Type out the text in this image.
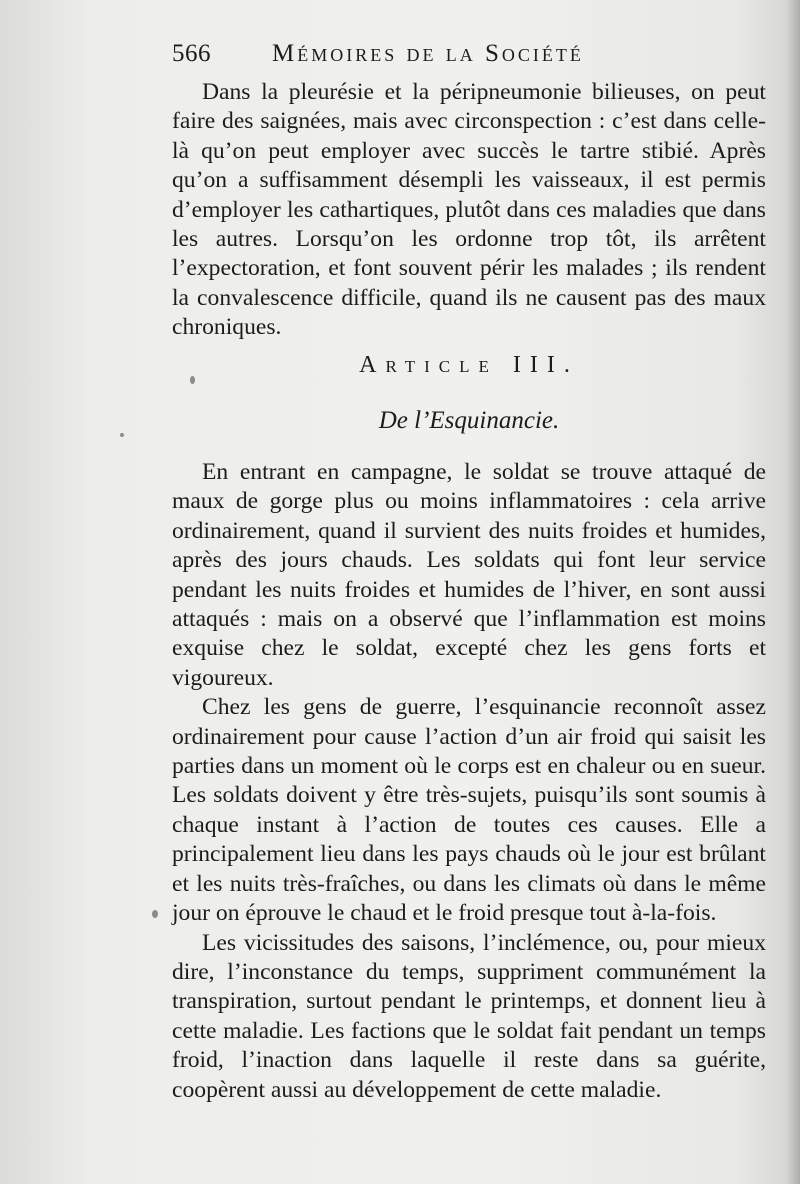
566 Mémoires de la Société

Dans la pleurésie et la péripneumonie bilieuses, on peut faire des saignées, mais avec circonspection : c’est dans celle-là qu’on peut employer avec succès le tartre stibié. Après qu’on a suffisamment désempli les vaisseaux, il est permis d’employer les cathartiques, plutôt dans ces maladies que dans les autres. Lorsqu’on les ordonne trop tôt, ils arrêtent l’expectoration, et font souvent périr les malades ; ils rendent la convalescence difficile, quand ils ne causent pas des maux chroniques.

Article III.
De l’Esquinancie.

En entrant en campagne, le soldat se trouve attaqué de maux de gorge plus ou moins inflammatoires : cela arrive ordinairement, quand il survient des nuits froides et humides, après des jours chauds. Les soldats qui font leur service pendant les nuits froides et humides de l’hiver, en sont aussi attaqués : mais on a observé que l’inflammation est moins exquise chez le soldat, excepté chez les gens forts et vigoureux.

Chez les gens de guerre, l’esquinancie reconnoît assez ordinairement pour cause l’action d’un air froid qui saisit les parties dans un moment où le corps est en chaleur ou en sueur. Les soldats doivent y être très-sujets, puisqu’ils sont soumis à chaque instant à l’action de toutes ces causes. Elle a principalement lieu dans les pays chauds où le jour est brûlant et les nuits très-fraîches, ou dans les climats où dans le même jour on éprouve le chaud et le froid presque tout à-la-fois.

Les vicissitudes des saisons, l’inclémence, ou, pour mieux dire, l’inconstance du temps, suppriment communément la transpiration, surtout pendant le printemps, et donnent lieu à cette maladie. Les factions que le soldat fait pendant un temps froid, l’inaction dans laquelle il reste dans sa guérite, coopèrent aussi au développement de cette maladie.
